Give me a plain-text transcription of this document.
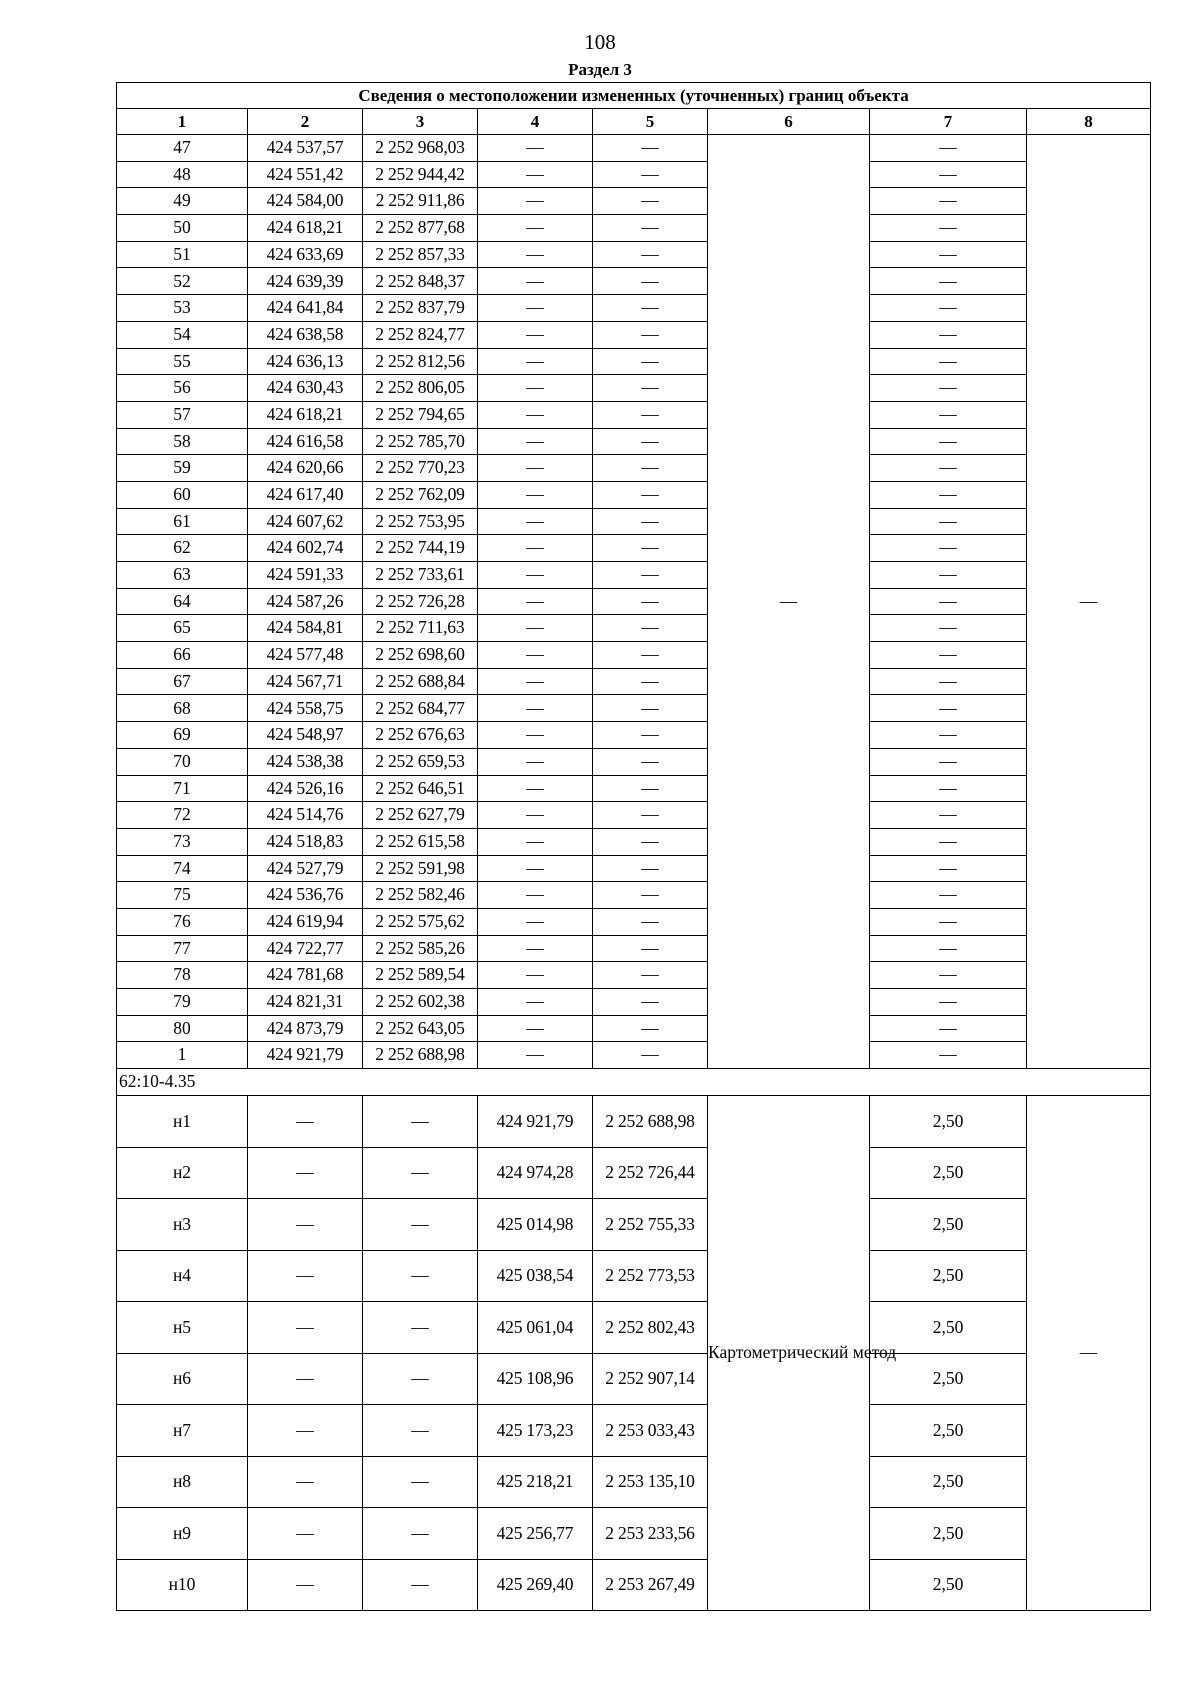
108
Раздел 3
Сведения о местоположении измененных (уточненных) границ объекта							
1	2	3	4	5	6	7	8
47	424 537,57	2 252 968,03	—	—	—	—	—
48	424 551,42	2 252 944,42	—	—		—	
49	424 584,00	2 252 911,86	—	—		—	
50	424 618,21	2 252 877,68	—	—		—	
51	424 633,69	2 252 857,33	—	—		—	
52	424 639,39	2 252 848,37	—	—		—	
53	424 641,84	2 252 837,79	—	—		—	
54	424 638,58	2 252 824,77	—	—		—	
55	424 636,13	2 252 812,56	—	—		—	
56	424 630,43	2 252 806,05	—	—		—	
57	424 618,21	2 252 794,65	—	—		—	
58	424 616,58	2 252 785,70	—	—		—	
59	424 620,66	2 252 770,23	—	—		—	
60	424 617,40	2 252 762,09	—	—		—	
61	424 607,62	2 252 753,95	—	—		—	
62	424 602,74	2 252 744,19	—	—		—	
63	424 591,33	2 252 733,61	—	—		—	
64	424 587,26	2 252 726,28	—	—		—	
65	424 584,81	2 252 711,63	—	—		—	
66	424 577,48	2 252 698,60	—	—		—	
67	424 567,71	2 252 688,84	—	—		—	
68	424 558,75	2 252 684,77	—	—		—	
69	424 548,97	2 252 676,63	—	—		—	
70	424 538,38	2 252 659,53	—	—		—	
71	424 526,16	2 252 646,51	—	—		—	
72	424 514,76	2 252 627,79	—	—		—	
73	424 518,83	2 252 615,58	—	—		—	
74	424 527,79	2 252 591,98	—	—		—	
75	424 536,76	2 252 582,46	—	—		—	
76	424 619,94	2 252 575,62	—	—		—	
77	424 722,77	2 252 585,26	—	—		—	
78	424 781,68	2 252 589,54	—	—		—	
79	424 821,31	2 252 602,38	—	—		—	
80	424 873,79	2 252 643,05	—	—		—	
1	424 921,79	2 252 688,98	—	—		—	
62:10-4.35							
н1	—	—	424 921,79	2 252 688,98	Картометрический метод	2,50	—
н2	—	—	424 974,28	2 252 726,44		2,50	
н3	—	—	425 014,98	2 252 755,33		2,50	
н4	—	—	425 038,54	2 252 773,53		2,50	
н5	—	—	425 061,04	2 252 802,43		2,50	
н6	—	—	425 108,96	2 252 907,14		2,50	
н7	—	—	425 173,23	2 253 033,43		2,50	
н8	—	—	425 218,21	2 253 135,10		2,50	
н9	—	—	425 256,77	2 253 233,56		2,50	
н10	—	—	425 269,40	2 253 267,49		2,50	
